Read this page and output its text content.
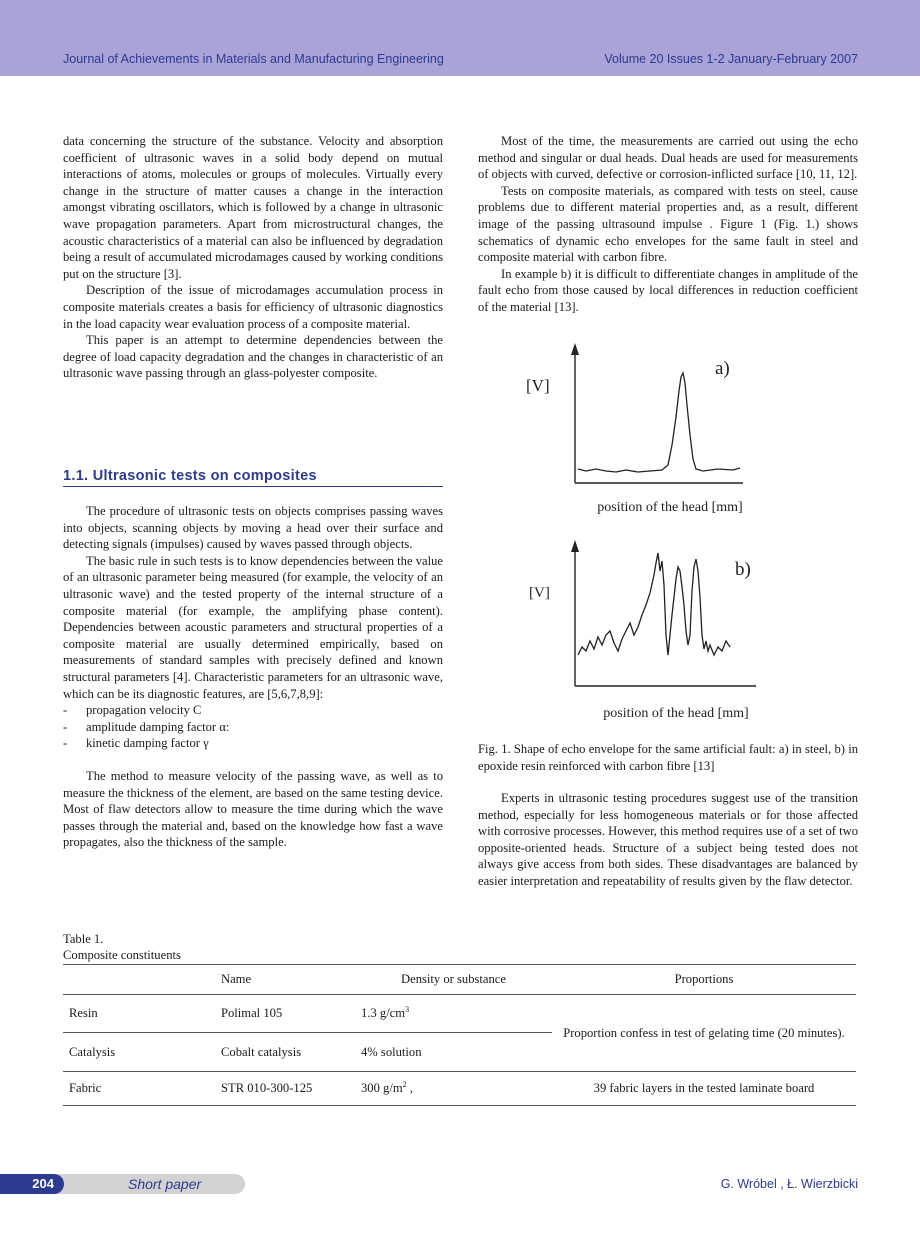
Journal of Achievements in Materials and Manufacturing Engineering	Volume 20 Issues 1-2 January-February 2007

data concerning the structure of the substance. Velocity and absorption coefficient of ultrasonic waves in a solid body depend on mutual interactions of atoms, molecules or groups of molecules. Virtually every change in the structure of matter causes a change in the interaction amongst vibrating oscillators, which is followed by a change in ultrasonic wave propagation parameters. Apart from microstructural changes, the acoustic characteristics of a material can also be influenced by degradation being a result of accumulated microdamages caused by working conditions put on the structure [3].

Description of the issue of microdamages accumulation process in composite materials creates a basis for efficiency of ultrasonic diagnostics in the load capacity wear evaluation process of a composite material.

This paper is an attempt to determine dependencies between the degree of load capacity degradation and the changes in characteristic of an ultrasonic wave passing through an glass-polyester composite.

1.1. Ultrasonic tests on composites

The procedure of ultrasonic tests on objects comprises passing waves into objects, scanning objects by moving a head over their surface and detecting signals (impulses) caused by waves passed through objects.

The basic rule in such tests is to know dependencies between the value of an ultrasonic parameter being measured (for example, the velocity of an ultrasonic wave) and the tested property of the internal structure of a composite material (for example, the amplifying phase content). Dependencies between acoustic parameters and structural properties of a composite material are usually determined empirically, based on measurements of standard samples with precisely defined and known structural parameters [4]. Characteristic parameters for an ultrasonic wave, which can be its diagnostic features, are [5,6,7,8,9]:

- propagation velocity C
- amplitude damping factor α:
- kinetic damping factor γ

The method to measure velocity of the passing wave, as well as to measure the thickness of the element, are based on the same testing device. Most of flaw detectors allow to measure the time during which the wave passes through the material and, based on the knowledge how fast a wave propagates, also the thickness of the sample.

Most of the time, the measurements are carried out using the echo method and singular or dual heads. Dual heads are used for measurements of objects with curved, defective or corrosion-inflicted surface [10, 11, 12].

Tests on composite materials, as compared with tests on steel, cause problems due to different material properties and, as a result, different image of the passing ultrasound impulse . Figure 1 (Fig. 1.) shows schematics of dynamic echo envelopes for the same fault in steel and composite material with carbon fibre.

In example b) it is difficult to differentiate changes in amplitude of the fault echo from those caused by local differences in reduction coefficient of the material [13].

a)
[V]
position of the head [mm]
b)
[V]
position of the head [mm]
Fig. 1. Shape of echo envelope for the same artificial fault: a) in steel, b) in epoxide resin reinforced with carbon fibre [13]

Experts in ultrasonic testing procedures suggest use of the transition method, especially for less homogeneous materials or for those affected with corrosive processes. However, this method requires use of a set of two opposite-oriented heads. Structure of a subject being tested does not always give access from both sides. These disadvantages are balanced by easier interpretation and repeatability of results given by the flaw detector.

Table 1.
Composite constituents
	Name	Density or substance	Proportions
Resin	Polimal 105	1.3 $g/cm^3$	Proportion confess in test of gelating time (20 minutes).
Catalysis	Cobalt catalysis	4% solution	
Fabric	STR 010-300-125	300 $g/m^2$ ,	39 fabric layers in the tested laminate board
Short paper
204	G. Wróbel , Ł. Wierzbicki
